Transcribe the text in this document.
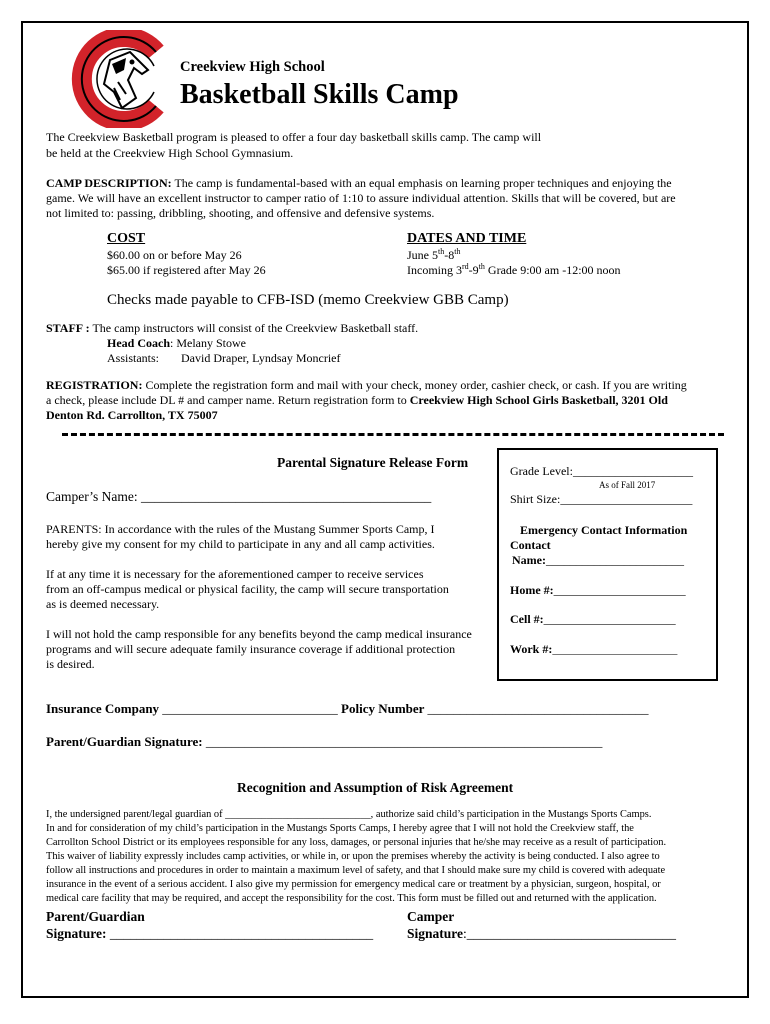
Creekview High School
Basketball Skills Camp
The Creekview Basketball program is pleased to offer a four day basketball skills camp. The camp will
be held at the Creekview High School Gymnasium.
CAMP DESCRIPTION: The camp is fundamental-based with an equal emphasis on learning proper techniques and enjoying the
game. We will have an excellent instructor to camper ratio of 1:10 to assure individual attention. Skills that will be covered, but are
not limited to: passing, dribbling, shooting, and offensive and defensive systems.
COST
$60.00 on or before May 26
$65.00 if registered after May 26
DATES AND TIME
June 5th-8th
Incoming 3rd-9th Grade 9:00 am -12:00 noon
Checks made payable to CFB-ISD (memo Creekview GBB Camp)
STAFF : The camp instructors will consist of the Creekview Basketball staff.
Head Coach: Melany Stowe
Assistants: David Draper, Lyndsay Moncrief
REGISTRATION: Complete the registration form and mail with your check, money order, cashier check, or cash. If you are writing
a check, please include DL # and camper name. Return registration form to Creekview High School Girls Basketball, 3201 Old
Denton Rd. Carrollton, TX 75007
Parental Signature Release Form
Camper’s Name: ___________________________________________
PARENTS: In accordance with the rules of the Mustang Summer Sports Camp, I
hereby give my consent for my child to participate in any and all camp activities.
If at any time it is necessary for the aforementioned camper to receive services
from an off-campus medical or physical facility, the camp will secure transportation
as is deemed necessary.
I will not hold the camp responsible for any benefits beyond the camp medical insurance
programs and will secure adequate family insurance coverage if additional protection
is desired.
Grade Level:____________________
As of Fall 2017
Shirt Size:______________________
Emergency Contact Information
Contact
Name:_______________________
Home #:______________________
Cell #:______________________
Work #:_________________________
Insurance Company ___________________________ Policy Number __________________________________
Parent/Guardian Signature: _____________________________________________________________
Recognition and Assumption of Risk Agreement
I, the undersigned parent/legal guardian of ____________________________, authorize said child’s participation in the Mustangs Sports Camps.
In and for consideration of my child’s participation in the Mustangs Sports Camps, I hereby agree that I will not hold the Creekview staff, the
Carrollton School District or its employees responsible for any loss, damages, or personal injuries that he/she may receive as a result of participation.
This waiver of liability expressly includes camp activities, or while in, or upon the premises whereby the activity is being conducted. I also agree to
follow all instructions and procedures in order to maintain a maximum level of safety, and that I should make sure my child is covered with adequate
insurance in the event of a serious accident. I also give my permission for emergency medical care or treatment by a physician, surgeon, hospital, or
medical care facility that may be required, and accept the responsibility for the cost. This form must be filled out and returned with the application.
Parent/Guardian
Signature: _______________________________________
Camper
Signature:_______________________________
